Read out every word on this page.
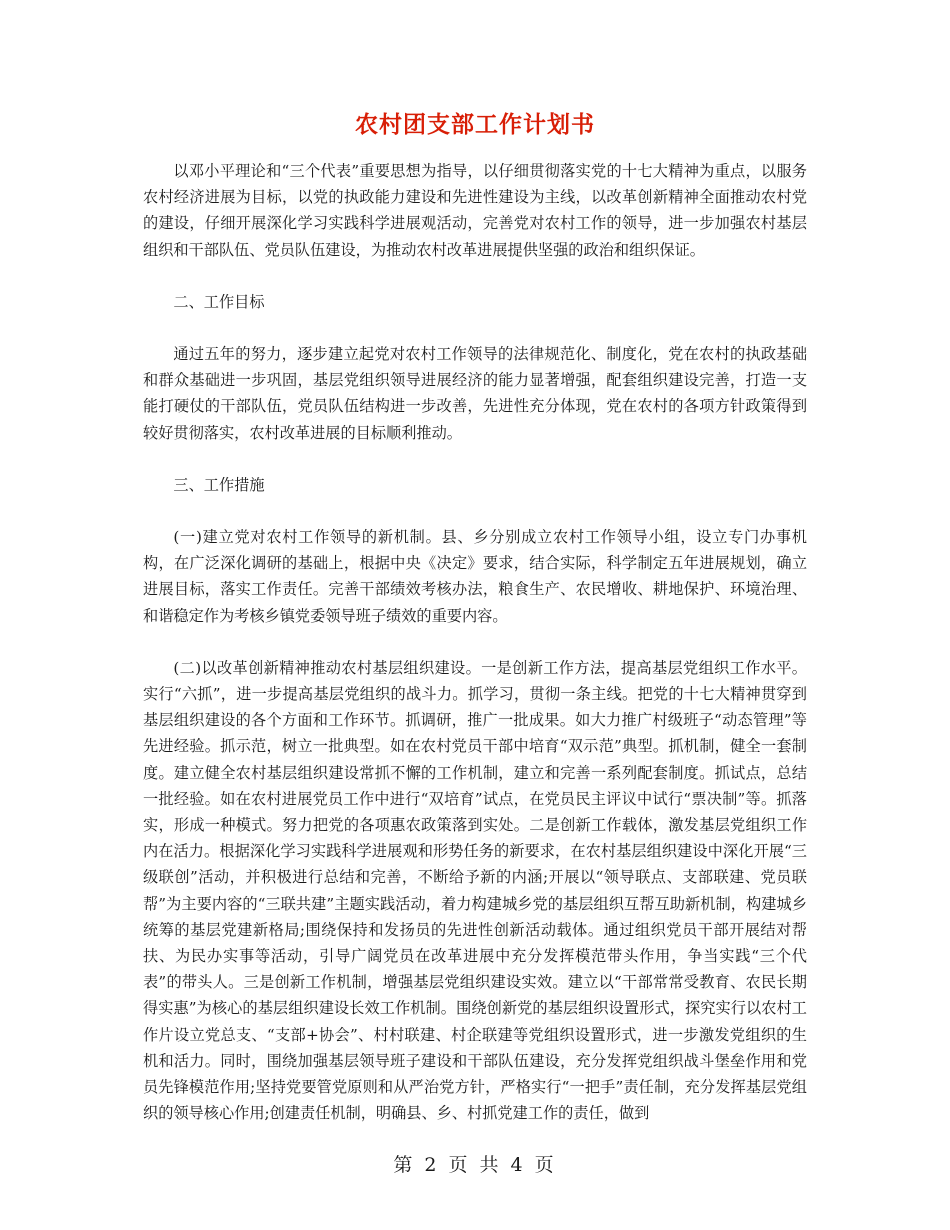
农村团支部工作计划书

以邓小平理论和“三个代表”重要思想为指导，以仔细贯彻落实党的十七大精神为重点，以服务农村经济进展为目标，以党的执政能力建设和先进性建设为主线，以改革创新精神全面推动农村党的建设，仔细开展深化学习实践科学进展观活动，完善党对农村工作的领导，进一步加强农村基层组织和干部队伍、党员队伍建设，为推动农村改革进展提供坚强的政治和组织保证。

二、工作目标

通过五年的努力，逐步建立起党对农村工作领导的法律规范化、制度化，党在农村的执政基础和群众基础进一步巩固，基层党组织领导进展经济的能力显著增强，配套组织建设完善，打造一支能打硬仗的干部队伍，党员队伍结构进一步改善，先进性充分体现，党在农村的各项方针政策得到较好贯彻落实，农村改革进展的目标顺利推动。

三、工作措施

(一)建立党对农村工作领导的新机制。县、乡分别成立农村工作领导小组，设立专门办事机构，在广泛深化调研的基础上，根据中央《决定》要求，结合实际，科学制定五年进展规划，确立进展目标，落实工作责任。完善干部绩效考核办法，粮食生产、农民增收、耕地保护、环境治理、和谐稳定作为考核乡镇党委领导班子绩效的重要内容。

(二)以改革创新精神推动农村基层组织建设。一是创新工作方法，提高基层党组织工作水平。实行“六抓”，进一步提高基层党组织的战斗力。抓学习，贯彻一条主线。把党的十七大精神贯穿到基层组织建设的各个方面和工作环节。抓调研，推广一批成果。如大力推广村级班子“动态管理”等先进经验。抓示范，树立一批典型。如在农村党员干部中培育“双示范”典型。抓机制，健全一套制度。建立健全农村基层组织建设常抓不懈的工作机制，建立和完善一系列配套制度。抓试点，总结一批经验。如在农村进展党员工作中进行“双培育”试点，在党员民主评议中试行“票决制”等。抓落实，形成一种模式。努力把党的各项惠农政策落到实处。二是创新工作载体，激发基层党组织工作内在活力。根据深化学习实践科学进展观和形势任务的新要求，在农村基层组织建设中深化开展“三级联创”活动，并积极进行总结和完善，不断给予新的内涵;开展以“领导联点、支部联建、党员联帮”为主要内容的“三联共建”主题实践活动，着力构建城乡党的基层组织互帮互助新机制，构建城乡统筹的基层党建新格局;围绕保持和发扬员的先进性创新活动载体。通过组织党员干部开展结对帮扶、为民办实事等活动，引导广阔党员在改革进展中充分发挥模范带头作用，争当实践“三个代表”的带头人。三是创新工作机制，增强基层党组织建设实效。建立以“干部常常受教育、农民长期得实惠”为核心的基层组织建设长效工作机制。围绕创新党的基层组织设置形式，探究实行以农村工作片设立党总支、“支部+协会”、村村联建、村企联建等党组织设置形式，进一步激发党组织的生机和活力。同时，围绕加强基层领导班子建设和干部队伍建设，充分发挥党组织战斗堡垒作用和党员先锋模范作用;坚持党要管党原则和从严治党方针，严格实行“一把手”责任制，充分发挥基层党组织的领导核心作用;创建责任机制，明确县、乡、村抓党建工作的责任，做到

第 2 页 共 4 页
